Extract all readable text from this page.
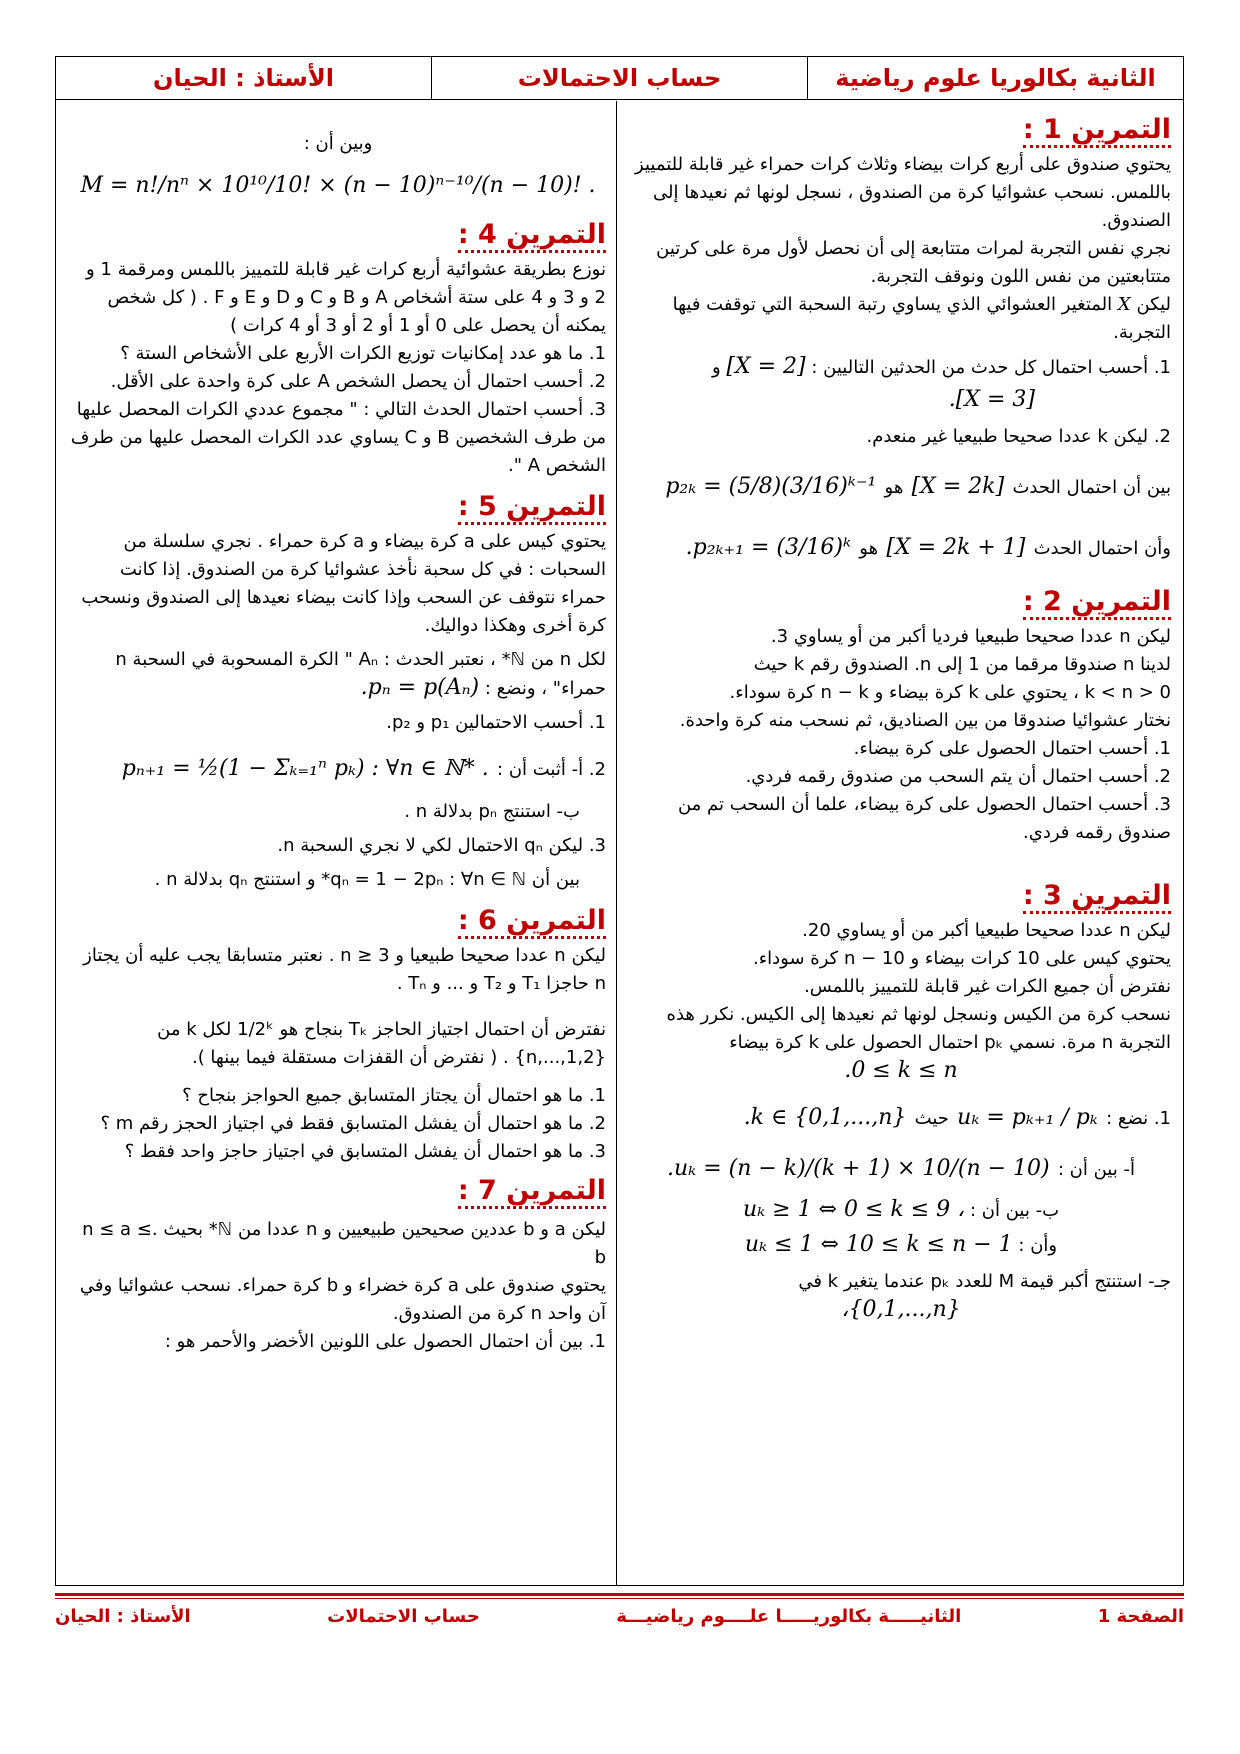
الثانية بكالوريا علوم رياضية
حساب الاحتمالات
الأستاذ : الحيان
التمرين 1 :

يحتوي صندوق على أربع كرات بيضاء وثلاث كرات حمراء غير قابلة للتمييز باللمس. نسحب عشوائيا كرة من الصندوق ، نسجل لونها ثم نعيدها إلى الصندوق.

نجري نفس التجربة لمرات متتابعة إلى أن نحصل لأول مرة على كرتين متتابعتين من نفس اللون ونوقف التجربة.

ليكن X المتغير العشوائي الذي يساوي رتبة السحبة التي توقفت فيها التجربة.

1. أحسب احتمال كل حدث من الحدثين التاليين : [X = 2] و

.[X = 3]

2. ليكن k عددا صحيحا طبيعيا غير منعدم.

بين أن احتمال الحدث [X = 2k] هو p₂ₖ = (5/8)(3/16)ᵏ⁻¹

وأن احتمال الحدث [X = 2k + 1] هو .p₂ₖ₊₁ = (3/16)ᵏ

التمرين 2 :

ليكن n عددا صحيحا طبيعيا فرديا أكبر من أو يساوي 3.

لدينا n صندوقا مرقما من 1 إلى n. الصندوق رقم k حيث

0 < k < n ، يحتوي على k كرة بيضاء و n − k كرة سوداء.

نختار عشوائيا صندوقا من بين الصناديق، ثم نسحب منه كرة واحدة.

1. أحسب احتمال الحصول على كرة بيضاء.

2. أحسب احتمال أن يتم السحب من صندوق رقمه فردي.

3. أحسب احتمال الحصول على كرة بيضاء، علما أن السحب تم من صندوق رقمه فردي.

التمرين 3 :

ليكن n عددا صحيحا طبيعيا أكبر من أو يساوي 20.

يحتوي كيس على 10 كرات بيضاء و n − 10 كرة سوداء.

نفترض أن جميع الكرات غير قابلة للتمييز باللمس.

نسحب كرة من الكيس ونسجل لونها ثم نعيدها إلى الكيس. نكرر هذه التجربة n مرة. نسمي pₖ احتمال الحصول على k كرة بيضاء

.0 ≤ k ≤ n

1. نضع : uₖ = pₖ₊₁ / pₖ حيث .k ∈ {0,1,...,n}

أ- بين أن : .uₖ = (n − k)/(k + 1) × 10/(n − 10)

ب- بين أن : uₖ ≥ 1 ⇔ 0 ≤ k ≤ 9 ،

وأن : uₖ ≤ 1 ⇔ 10 ≤ k ≤ n − 1

جـ- استنتج أكبر قيمة M للعدد pₖ عندما يتغير k في

،{0,1,...,n}

وبين أن : M = n!/nⁿ × 10¹⁰/10! × (n − 10)ⁿ⁻¹⁰/(n − 10)! .

التمرين 4 :

نوزع بطريقة عشوائية أربع كرات غير قابلة للتمييز باللمس ومرقمة 1 و 2 و 3 و 4 على ستة أشخاص A و B و C و D و E و F . ( كل شخص يمكنه أن يحصل على 0 أو 1 أو 2 أو 3 أو 4 كرات )

1. ما هو عدد إمكانيات توزيع الكرات الأربع على الأشخاص الستة ؟

2. أحسب احتمال أن يحصل الشخص A على كرة واحدة على الأقل.

3. أحسب احتمال الحدث التالي : " مجموع عددي الكرات المحصل عليها من طرف الشخصين B و C يساوي عدد الكرات المحصل عليها من طرف الشخص A ".

التمرين 5 :

يحتوي كيس على a كرة بيضاء و a كرة حمراء . نجري سلسلة من السحبات : في كل سحبة نأخذ عشوائيا كرة من الصندوق. إذا كانت حمراء نتوقف عن السحب وإذا كانت بيضاء نعيدها إلى الصندوق ونسحب كرة أخرى وهكذا دواليك.

لكل n من ℕ* ، نعتبر الحدث : Aₙ " الكرة المسحوبة في السحبة n حمراء" ، ونضع : .pₙ = p(Aₙ)

1. أحسب الاحتمالين p₁ و p₂.

2. أ- أثبت أن : pₙ₊₁ = ½(1 − Σₖ₌₁ⁿ pₖ) : ∀n ∈ ℕ* .

ب- استنتج pₙ بدلالة n .

3. ليكن qₙ الاحتمال لكي لا نجري السحبة n.

بين أن qₙ = 1 − 2pₙ : ∀n ∈ ℕ* و استنتج qₙ بدلالة n .

التمرين 6 :

ليكن n عددا صحيحا طبيعيا و n ≥ 3 . نعتبر متسابقا يجب عليه أن يجتاز n حاجزا T₁ و T₂ و ... و Tₙ .

نفترض أن احتمال اجتياز الحاجز Tₖ بنجاح هو 1/2ᵏ لكل k من {1,2,...,n} . ( نفترض أن القفزات مستقلة فيما بينها ).

1. ما هو احتمال أن يجتاز المتسابق جميع الحواجز بنجاح ؟

2. ما هو احتمال أن يفشل المتسابق فقط في اجتياز الحجز رقم m ؟

3. ما هو احتمال أن يفشل المتسابق في اجتياز حاجز واحد فقط ؟

التمرين 7 :

ليكن a و b عددين صحيحين طبيعيين و n عددا من ℕ* بحيث .n ≤ a ≤ b

يحتوي صندوق على a كرة خضراء و b كرة حمراء. نسحب عشوائيا وفي آن واحد n كرة من الصندوق.

1. بين أن احتمال الحصول على اللونين الأخضر والأحمر هو :

الصفحة 1
الثانيـــــة بكالوريـــــا علــــوم رياضيـــة
حساب الاحتمالات
الأستاذ : الحيان
